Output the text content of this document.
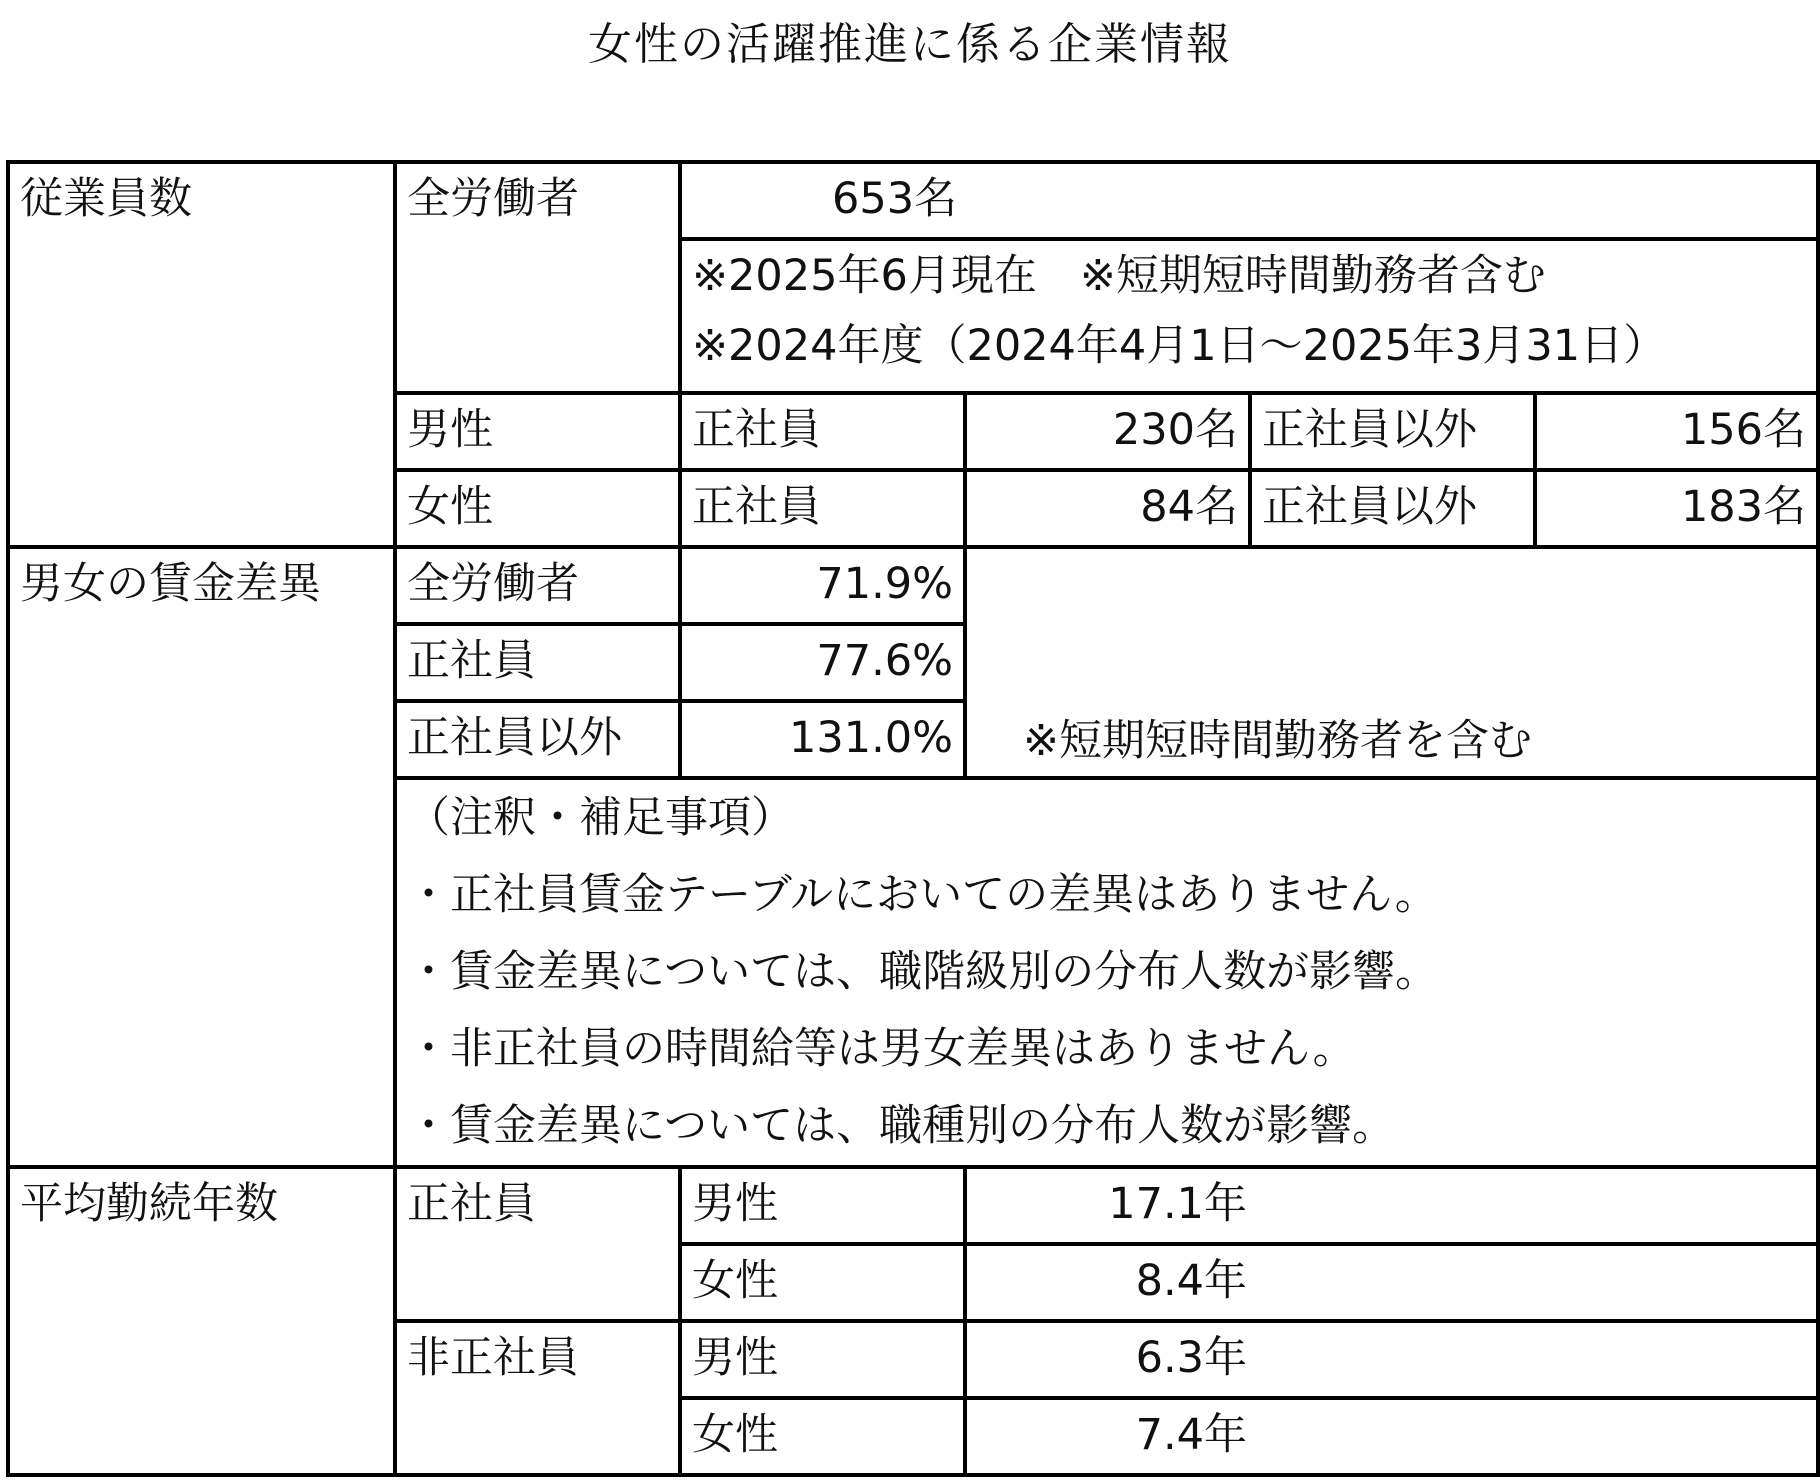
女性の活躍推進に係る企業情報
従業員数	全労働者	653名			

		※2025年6月現在　※短期短時間勤務者含む
※2024年度（2024年4月1日～2025年3月31日）			

	男性	正社員	230名	正社員以外	156名
	女性	正社員	84名	正社員以外	183名
男女の賃金差異	全労働者	71.9%	※短期短時間勤務者を含む		
	正社員	77.6%			
	正社員以外	131.0%			

	（注釈・補足事項）
・正社員賃金テーブルにおいての差異はありません。
・賃金差異については、職階級別の分布人数が影響。
・非正社員の時間給等は男女差異はありません。
・賃金差異については、職種別の分布人数が影響。				

平均勤続年数	正社員	男性	17.1年		
		女性	8.4年		
	非正社員	男性	6.3年		
		女性	7.4年		
